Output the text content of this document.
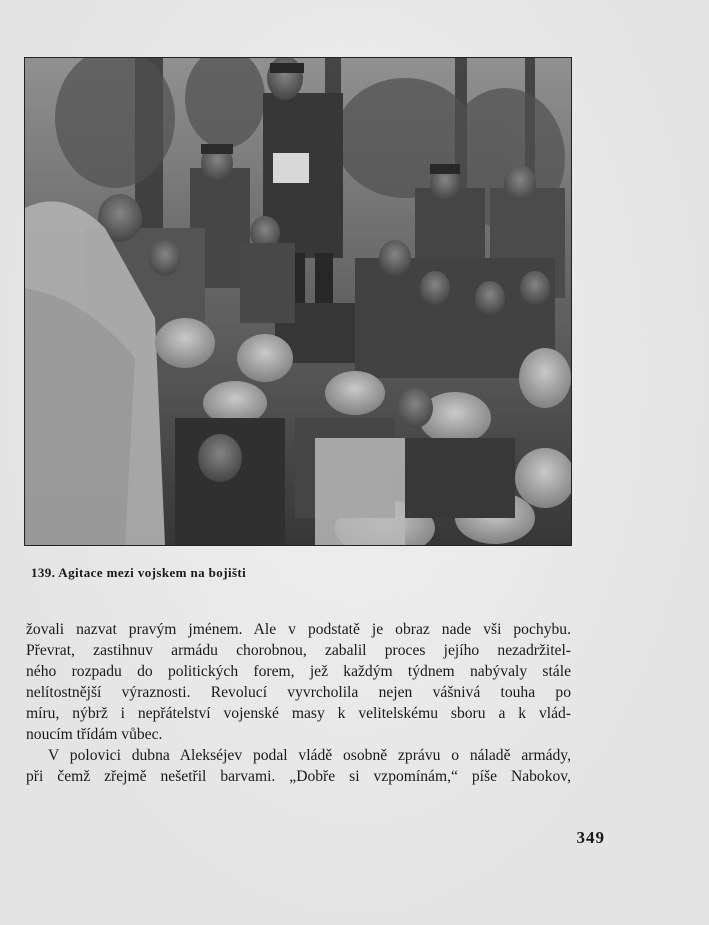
139. Agitace mezi vojskem na bojišti
žovali nazvat pravým jménem. Ale v podstatě je obraz nade vši pochybu.
Převrat, zastihnuv armádu chorobnou, zabalil proces jejího nezadržitel-
ného rozpadu do politických forem, jež každým týdnem nabývaly stále
nelítostnější výraznosti. Revolucí vyvrcholila nejen vášnivá touha po
míru, nýbrž i nepřátelství vojenské masy k velitelskému sboru a k vlád-
noucím třídám vůbec.
V polovici dubna Alekséjev podal vládě osobně zprávu o náladě armády,
při čemž zřejmě nešetřil barvami. „Dobře si vzpomínám,“ píše Nabokov,
349
